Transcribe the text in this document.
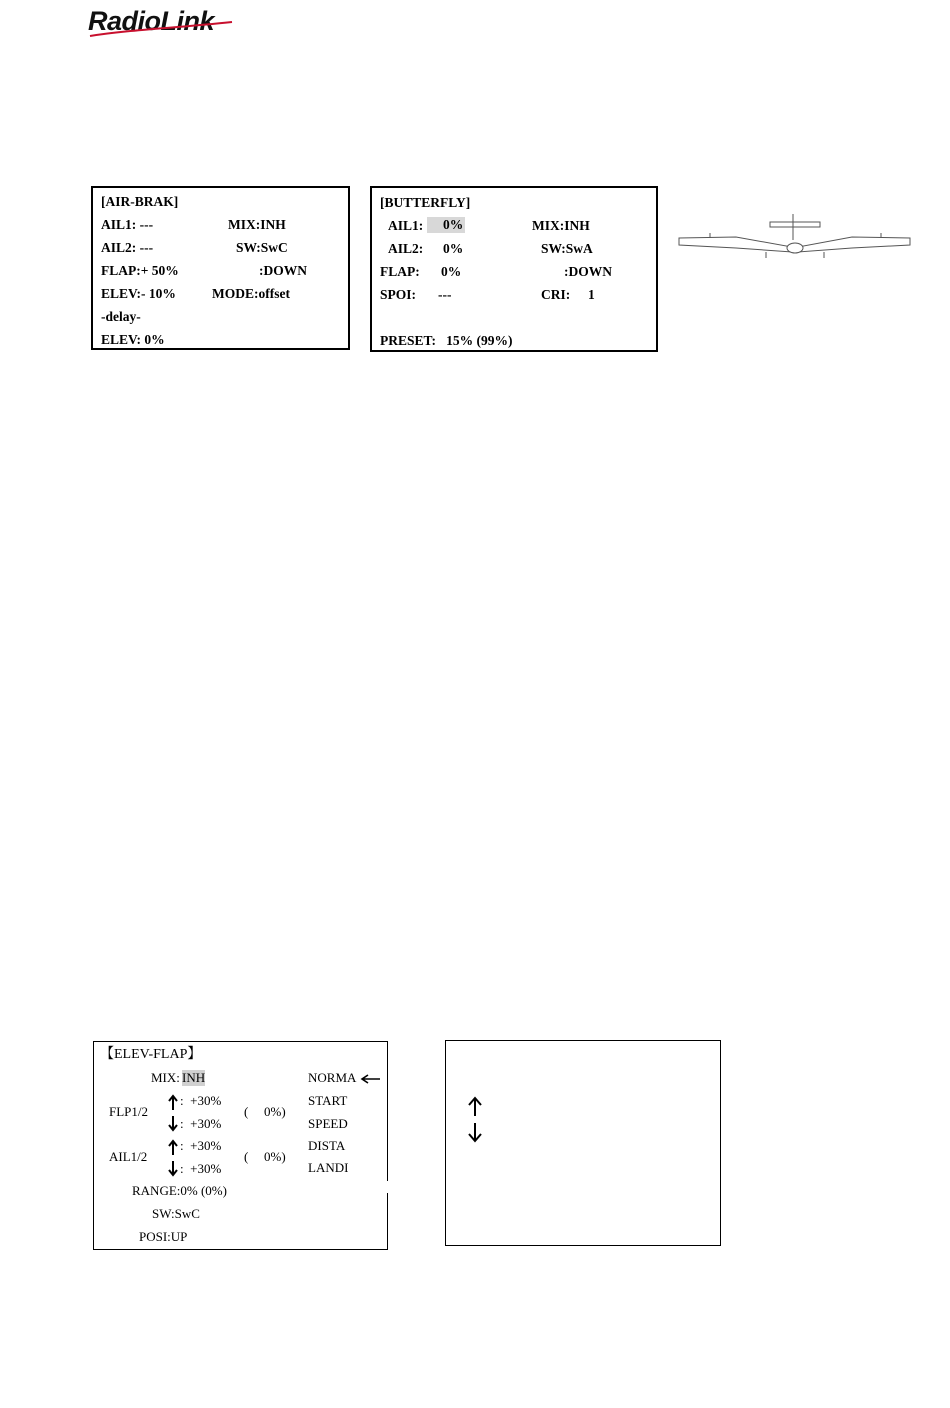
RadioLink
[AIR-BRAK]
AIL1: ---
AIL2: ---
FLAP:+ 50%
ELEV:- 10%
-delay-
ELEV: 0%
MIX:INH
SW:SwC
:DOWN
MODE:offset
[BUTTERFLY]
AIL1:	0%
AIL2: 0%
FLAP: 0%
SPOI: ---
MIX:INH
SW:SwA
:DOWN
CRI: 1
PRESET:   15% (99%)
【ELEV-FLAP】
MIX: INH
FLP1/2
:  +30%
:  +30%
( 0%)
AIL1/2
:  +30%
:  +30%
( 0%)
RANGE:0% (0%)
SW:SwC
POSI:UP
NORMA
START
SPEED
DISTA
LANDI
